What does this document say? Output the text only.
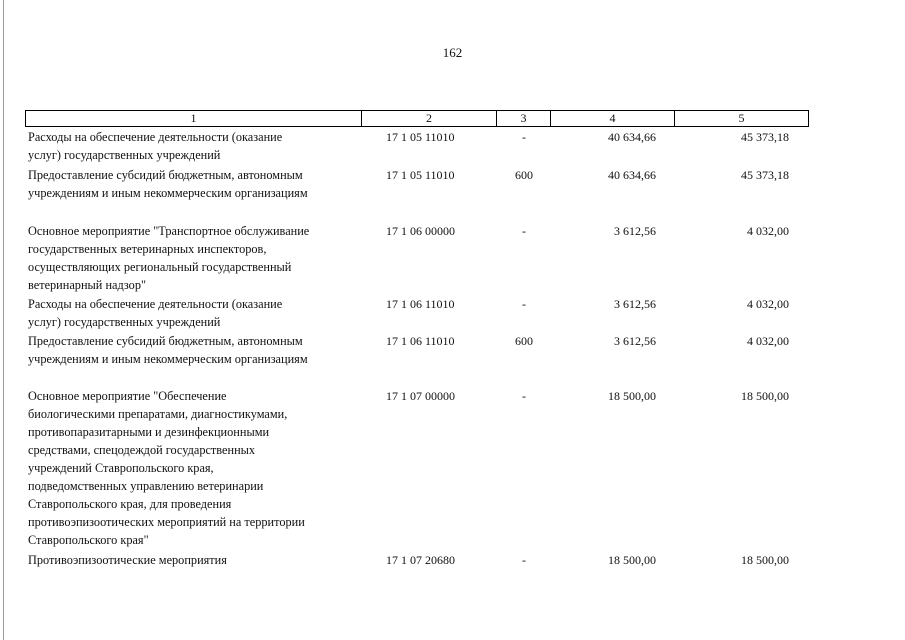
162
1	2	3	4	5
Расходы на обеспечение деятельности (оказание
услуг) государственных учреждений
17 1 05 11010	-	40 634,66	45 373,18
Предоставление субсидий бюджетным, автономным
учреждениям и иным некоммерческим организациям
17 1 05 11010	600	40 634,66	45 373,18
Основное мероприятие "Транспортное обслуживание
государственных ветеринарных инспекторов,
осуществляющих региональный государственный
ветеринарный надзор"
17 1 06 00000	-	3 612,56	4 032,00
Расходы на обеспечение деятельности (оказание
услуг) государственных учреждений
17 1 06 11010	-	3 612,56	4 032,00
Предоставление субсидий бюджетным, автономным
учреждениям и иным некоммерческим организациям
17 1 06 11010	600	3 612,56	4 032,00
Основное мероприятие "Обеспечение
биологическими препаратами, диагностикумами,
противопаразитарными и дезинфекционными
средствами, спецодеждой государственных
учреждений Ставропольского края,
подведомственных управлению ветеринарии
Ставропольского края, для проведения
противоэпизоотических мероприятий на территории
Ставропольского края"
17 1 07 00000	-	18 500,00	18 500,00
Противоэпизоотические мероприятия	17 1 07 20680	-	18 500,00	18 500,00
